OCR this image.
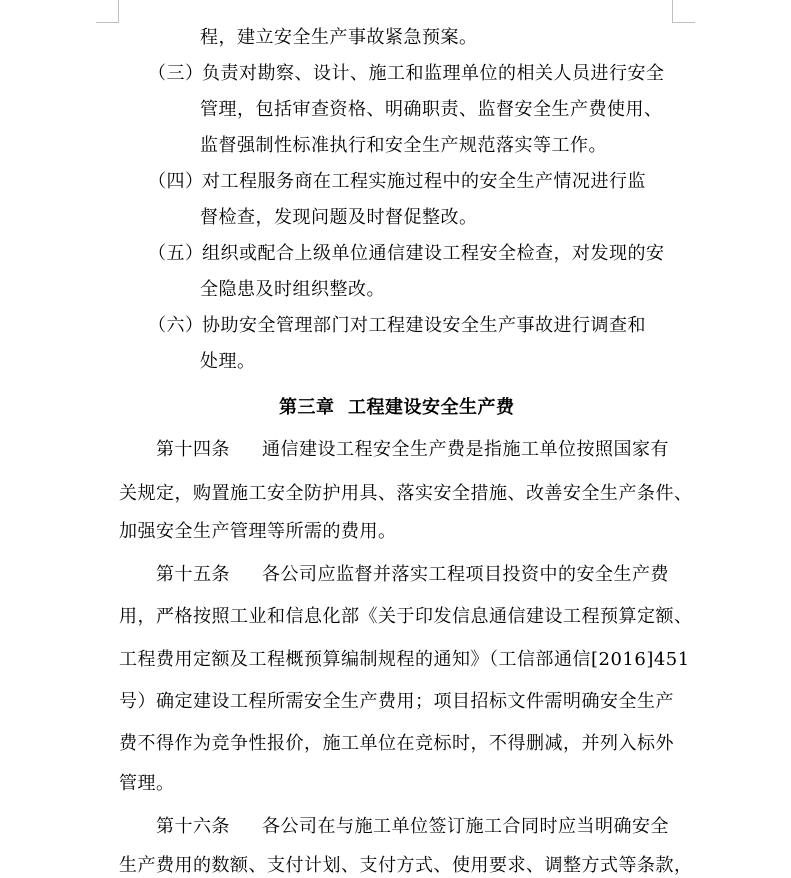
程，建立安全生产事故紧急预案。
（三）
负责对勘察、设计、施工和监理单位的相关人员进行安全
管理，包括审查资格、明确职责、监督安全生产费使用、
监督强制性标准执行和安全生产规范落实等工作。
（四）
对工程服务商在工程实施过程中的安全生产情况进行监
督检查，发现问题及时督促整改。
（五）
组织或配合上级单位通信建设工程安全检查，对发现的安
全隐患及时组织整改。
（六）
协助安全管理部门对工程建设安全生产事故进行调查和
处理。
第三章  工程建设安全生产费
第十四条 通信建设工程安全生产费是指施工单位按照国家有
关规定，购置施工安全防护用具、落实安全措施、改善安全生产条件、
加强安全生产管理等所需的费用。
第十五条 各公司应监督并落实工程项目投资中的安全生产费
用，严格按照工业和信息化部《关于印发信息通信建设工程预算定额、
工程费用定额及工程概预算编制规程的通知》（工信部通信[2016]451
号）确定建设工程所需安全生产费用；项目招标文件需明确安全生产
费不得作为竞争性报价，施工单位在竞标时，不得删减，并列入标外
管理。
第十六条 各公司在与施工单位签订施工合同时应当明确安全
生产费用的数额、支付计划、支付方式、使用要求、调整方式等条款，
